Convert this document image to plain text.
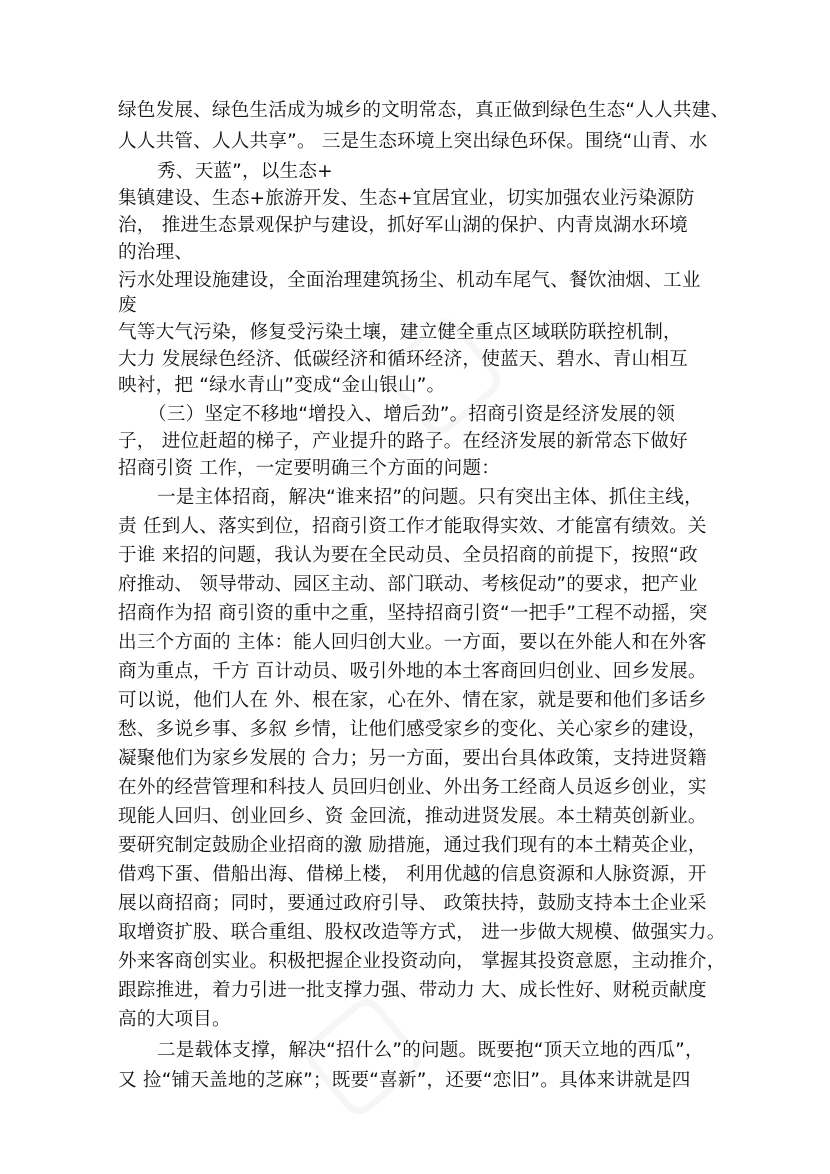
绿色发展、绿色生活成为城乡的文明常态，真正做到绿色生态“人人共建、
人人共管、人人共享”。 三是生态环境上突出绿色环保。围绕“山青、水
秀、天蓝”，以生态+
集镇建设、生态+旅游开发、生态+宜居宜业，切实加强农业污染源防
治， 推进生态景观保护与建设，抓好军山湖的保护、内青岚湖水环境
的治理、
污水处理设施建设，全面治理建筑扬尘、机动车尾气、餐饮油烟、工业
废
气等大气污染，修复受污染土壤，建立健全重点区域联防联控机制，
大力 发展绿色经济、低碳经济和循环经济，使蓝天、碧水、青山相互
映衬，把 “绿水青山”变成“金山银山”。
（三）坚定不移地“增投入、增后劲”。招商引资是经济发展的领
子， 进位赶超的梯子，产业提升的路子。在经济发展的新常态下做好
招商引资 工作，一定要明确三个方面的问题：
一是主体招商，解决“谁来招”的问题。只有突出主体、抓住主线，
责 任到人、落实到位，招商引资工作才能取得实效、才能富有绩效。关
于谁 来招的问题，我认为要在全民动员、全员招商的前提下，按照“政
府推动、 领导带动、园区主动、部门联动、考核促动”的要求，把产业
招商作为招 商引资的重中之重，坚持招商引资“一把手”工程不动摇，突
出三个方面的 主体：能人回归创大业。一方面，要以在外能人和在外客
商为重点，千方 百计动员、吸引外地的本土客商回归创业、回乡发展。
可以说，他们人在 外、根在家，心在外、情在家，就是要和他们多话乡
愁、多说乡事、多叙 乡情，让他们感受家乡的变化、关心家乡的建设，
凝聚他们为家乡发展的 合力；另一方面，要出台具体政策，支持进贤籍
在外的经营管理和科技人 员回归创业、外出务工经商人员返乡创业，实
现能人回归、创业回乡、资 金回流，推动进贤发展。本土精英创新业。
要研究制定鼓励企业招商的激 励措施，通过我们现有的本土精英企业，
借鸡下蛋、借船出海、借梯上楼， 利用优越的信息资源和人脉资源，开
展以商招商；同时，要通过政府引导、 政策扶持，鼓励支持本土企业采
取增资扩股、联合重组、股权改造等方式， 进一步做大规模、做强实力。
外来客商创实业。积极把握企业投资动向， 掌握其投资意愿，主动推介，
跟踪推进，着力引进一批支撑力强、带动力 大、成长性好、财税贡献度
高的大项目。
二是载体支撑，解决“招什么”的问题。既要抱“顶天立地的西瓜”，
又 捡“铺天盖地的芝麻”；既要“喜新”，还要“恋旧”。具体来讲就是四
